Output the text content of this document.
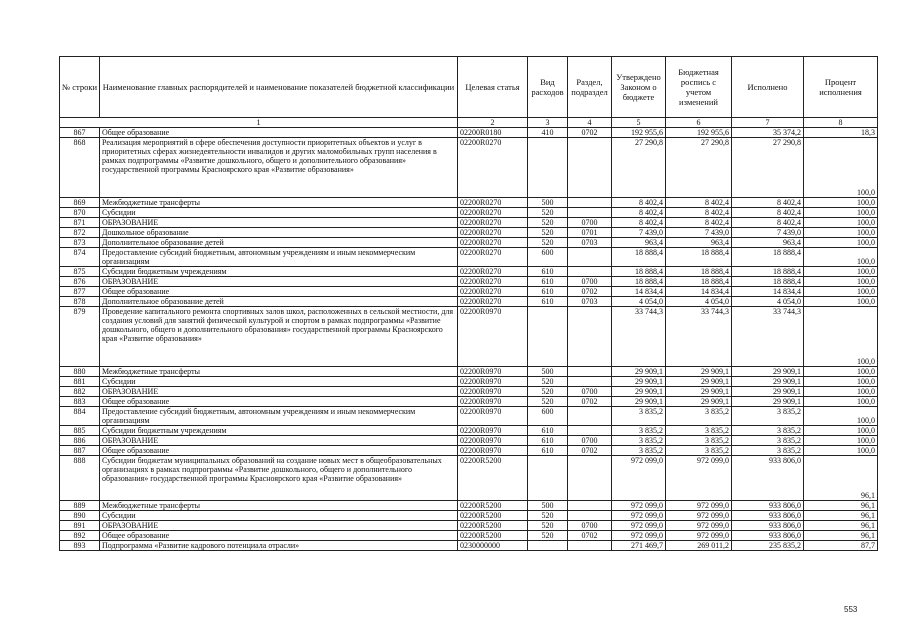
№ строки	Наименование главных распорядителей и наименование показателей бюджетной классификации	Целевая статья	Вид расходов	Раздел, подраздел	Утверждено Законом о бюджете	Бюджетная роспись с учетом изменений	Исполнено	Процент исполнения
1		2	3	4	5	6	7	8
867	Общее образование	02200R0180	410	0702	192 955,6	192 955,6	35 374,2	18,3
868	Реализация мероприятий в сфере обеспечения доступности приоритетных объектов и услуг в приоритетных сферах жизнедеятельности инвалидов и других маломобильных групп населения в рамках подпрограммы «Развитие дошкольного, общего и дополнительного образования» государственной программы Красноярского края «Развитие образования»	02200R0270			27 290,8	27 290,8	27 290,8	100,0
869	Межбюджетные трансферты	02200R0270	500		8 402,4	8 402,4	8 402,4	100,0
870	Субсидии	02200R0270	520		8 402,4	8 402,4	8 402,4	100,0
871	ОБРАЗОВАНИЕ	02200R0270	520	0700	8 402,4	8 402,4	8 402,4	100,0
872	Дошкольное образование	02200R0270	520	0701	7 439,0	7 439,0	7 439,0	100,0
873	Дополнительное образование детей	02200R0270	520	0703	963,4	963,4	963,4	100,0
874	Предоставление субсидий бюджетным, автономным учреждениям и иным некоммерческим организациям	02200R0270	600		18 888,4	18 888,4	18 888,4	100,0
875	Субсидии бюджетным учреждениям	02200R0270	610		18 888,4	18 888,4	18 888,4	100,0
876	ОБРАЗОВАНИЕ	02200R0270	610	0700	18 888,4	18 888,4	18 888,4	100,0
877	Общее образование	02200R0270	610	0702	14 834,4	14 834,4	14 834,4	100,0
878	Дополнительное образование детей	02200R0270	610	0703	4 054,0	4 054,0	4 054,0	100,0
879	Проведение капитального ремонта спортивных залов школ, расположенных в сельской местности, для создания условий для занятий физической культурой и спортом в рамках подпрограммы «Развитие дошкольного, общего и дополнительного образования» государственной программы Красноярского края «Развитие образования»	02200R0970			33 744,3	33 744,3	33 744,3	100,0
880	Межбюджетные трансферты	02200R0970	500		29 909,1	29 909,1	29 909,1	100,0
881	Субсидии	02200R0970	520		29 909,1	29 909,1	29 909,1	100,0
882	ОБРАЗОВАНИЕ	02200R0970	520	0700	29 909,1	29 909,1	29 909,1	100,0
883	Общее образование	02200R0970	520	0702	29 909,1	29 909,1	29 909,1	100,0
884	Предоставление субсидий бюджетным, автономным учреждениям и иным некоммерческим организациям	02200R0970	600		3 835,2	3 835,2	3 835,2	100,0
885	Субсидии бюджетным учреждениям	02200R0970	610		3 835,2	3 835,2	3 835,2	100,0
886	ОБРАЗОВАНИЕ	02200R0970	610	0700	3 835,2	3 835,2	3 835,2	100,0
887	Общее образование	02200R0970	610	0702	3 835,2	3 835,2	3 835,2	100,0
888	Субсидии бюджетам муниципальных образований на создание новых мест в общеобразовательных организациях в рамках подпрограммы «Развитие дошкольного, общего и дополнительного образования» государственной программы Красноярского края «Развитие образования»	02200R5200			972 099,0	972 099,0	933 806,0	96,1
889	Межбюджетные трансферты	02200R5200	500		972 099,0	972 099,0	933 806,0	96,1
890	Субсидии	02200R5200	520		972 099,0	972 099,0	933 806,0	96,1
891	ОБРАЗОВАНИЕ	02200R5200	520	0700	972 099,0	972 099,0	933 806,0	96,1
892	Общее образование	02200R5200	520	0702	972 099,0	972 099,0	933 806,0	96,1
893	Подпрограмма «Развитие кадрового потенциала отрасли»	0230000000			271 469,7	269 011,2	235 835,2	87,7
553
